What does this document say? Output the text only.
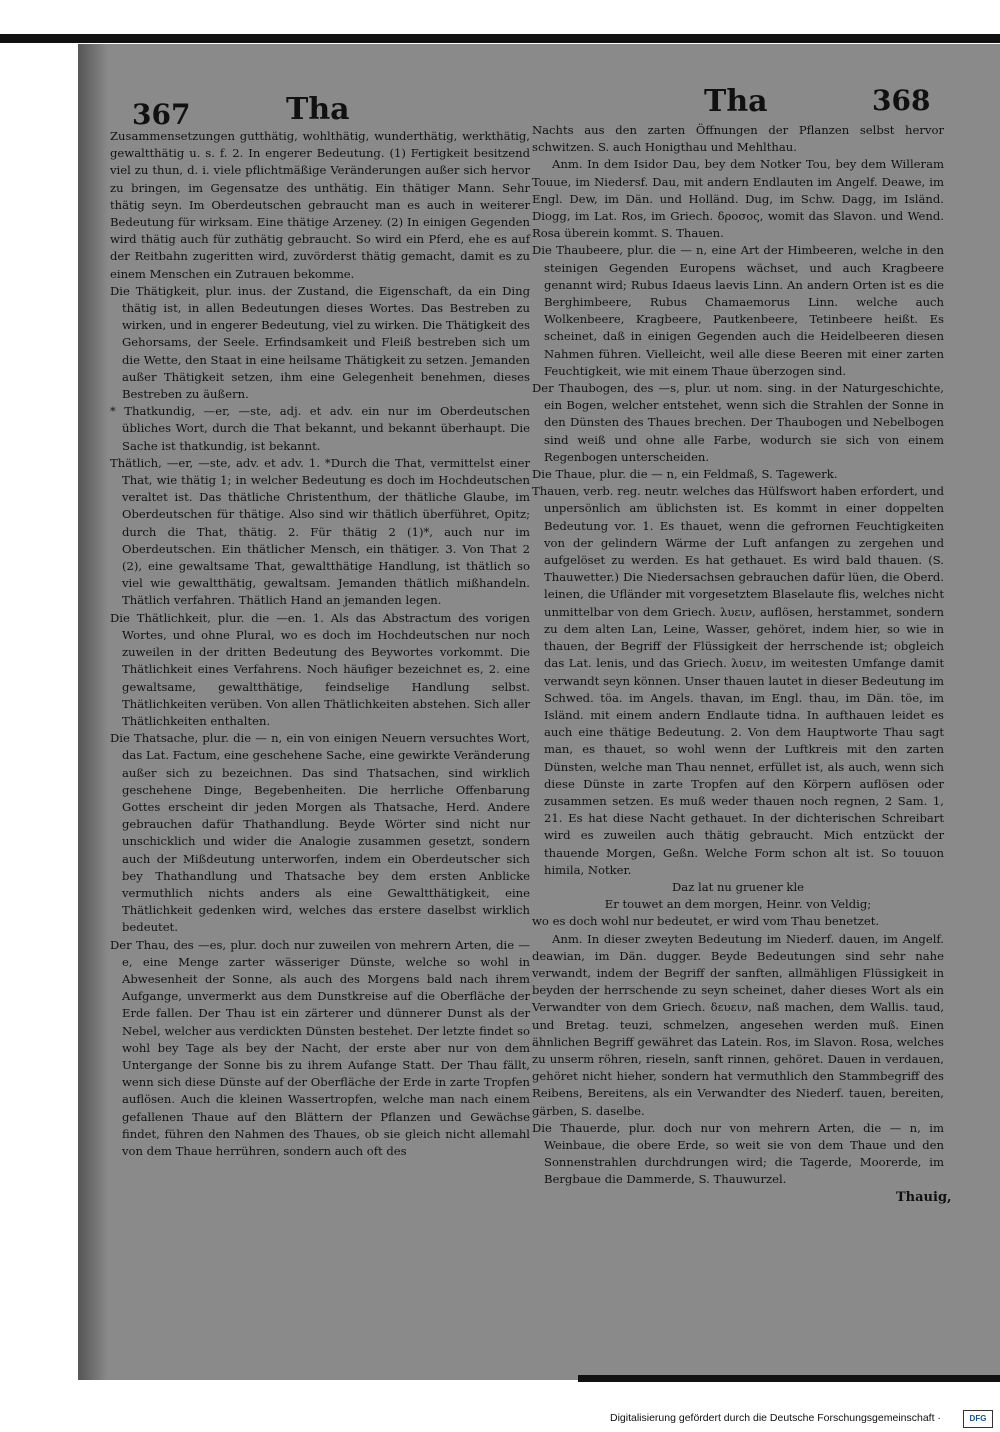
367	Tha	Tha	368

Zusammensetzungen gutthätig, wohlthätig, wunderthätig, werkthätig, gewaltthätig u. s. f. 2. In engerer Bedeutung. (1) Fertigkeit besitzend viel zu thun, d. i. viele pflichtmäßige Veränderungen außer sich hervor zu bringen, im Gegensatze des unthätig. Ein thätiger Mann. Sehr thätig seyn. Im Oberdeutschen gebraucht man es auch in weiterer Bedeutung für wirksam. Eine thätige Arzeney. (2) In einigen Gegenden wird thätig auch für zuthätig gebraucht. So wird ein Pferd, ehe es auf der Reitbahn zugeritten wird, zuvörderst thätig gemacht, damit es zu einem Menschen ein Zutrauen bekomme.

Die Thätigkeit, plur. inus. der Zustand, die Eigenschaft, da ein Ding thätig ist, in allen Bedeutungen dieses Wortes. Das Bestreben zu wirken, und in engerer Bedeutung, viel zu wirken. Die Thätigkeit des Gehorsams, der Seele. Erfindsamkeit und Fleiß bestreben sich um die Wette, den Staat in eine heilsame Thätigkeit zu setzen. Jemanden außer Thätigkeit setzen, ihm eine Gelegenheit benehmen, dieses Bestreben zu äußern.

* Thatkundig, —er, —ste, adj. et adv. ein nur im Oberdeutschen übliches Wort, durch die That bekannt, und bekannt überhaupt. Die Sache ist thatkundig, ist bekannt.

Thätlich, —er, —ste, adv. et adv. 1. *Durch die That, vermittelst einer That, wie thätig 1; in welcher Bedeutung es doch im Hochdeutschen veraltet ist. Das thätliche Christenthum, der thätliche Glaube, im Oberdeutschen für thätige. Also sind wir thätlich überführet, Opitz; durch die That, thätig. 2. Für thätig 2 (1)*, auch nur im Oberdeutschen. Ein thätlicher Mensch, ein thätiger. 3. Von That 2 (2), eine gewaltsame That, gewaltthätige Handlung, ist thätlich so viel wie gewaltthätig, gewaltsam. Jemanden thätlich mißhandeln. Thätlich verfahren. Thätlich Hand an jemanden legen.

Die Thätlichkeit, plur. die —en. 1. Als das Abstractum des vorigen Wortes, und ohne Plural, wo es doch im Hochdeutschen nur noch zuweilen in der dritten Bedeutung des Beywortes vorkommt. Die Thätlichkeit eines Verfahrens. Noch häufiger bezeichnet es, 2. eine gewaltsame, gewaltthätige, feindselige Handlung selbst. Thätlichkeiten verüben. Von allen Thätlichkeiten abstehen. Sich aller Thätlichkeiten enthalten.

Die Thatsache, plur. die — n, ein von einigen Neuern versuchtes Wort, das Lat. Factum, eine geschehene Sache, eine gewirkte Veränderung außer sich zu bezeichnen. Das sind Thatsachen, sind wirklich geschehene Dinge, Begebenheiten. Die herrliche Offenbarung Gottes erscheint dir jeden Morgen als Thatsache, Herd. Andere gebrauchen dafür Thathandlung. Beyde Wörter sind nicht nur unschicklich und wider die Analogie zusammen gesetzt, sondern auch der Mißdeutung unterworfen, indem ein Oberdeutscher sich bey Thathandlung und Thatsache bey dem ersten Anblicke vermuthlich nichts anders als eine Gewaltthätigkeit, eine Thätlichkeit gedenken wird, welches das erstere daselbst wirklich bedeutet.

Der Thau, des —es, plur. doch nur zuweilen von mehrern Arten, die —e, eine Menge zarter wässeriger Dünste, welche so wohl in Abwesenheit der Sonne, als auch des Morgens bald nach ihrem Aufgange, unvermerkt aus dem Dunstkreise auf die Oberfläche der Erde fallen. Der Thau ist ein zärterer und dünnerer Dunst als der Nebel, welcher aus verdickten Dünsten bestehet. Der letzte findet so wohl bey Tage als bey der Nacht, der erste aber nur von dem Untergange der Sonne bis zu ihrem Aufange Statt. Der Thau fällt, wenn sich diese Dünste auf der Oberfläche der Erde in zarte Tropfen auflösen. Auch die kleinen Wassertropfen, welche man nach einem gefallenen Thaue auf den Blättern der Pflanzen und Gewächse findet, führen den Nahmen des Thaues, ob sie gleich nicht allemahl von dem Thaue herrühren, sondern auch oft des

Nachts aus den zarten Öffnungen der Pflanzen selbst hervor schwitzen. S. auch Honigthau und Mehlthau.

Anm. In dem Isidor Dau, bey dem Notker Tou, bey dem Willeram Touue, im Niedersf. Dau, mit andern Endlauten im Angelf. Deawe, im Engl. Dew, im Dän. und Holländ. Dug, im Schw. Dagg, im Isländ. Diogg, im Lat. Ros, im Griech. δροσος, womit das Slavon. und Wend. Rosa überein kommt. S. Thauen.

Die Thaubeere, plur. die — n, eine Art der Himbeeren, welche in den steinigen Gegenden Europens wächset, und auch Kragbeere genannt wird; Rubus Idaeus laevis Linn. An andern Orten ist es die Berghimbeere, Rubus Chamaemorus Linn. welche auch Wolkenbeere, Kragbeere, Pautkenbeere, Tetinbeere heißt. Es scheinet, daß in einigen Gegenden auch die Heidelbeeren diesen Nahmen führen. Vielleicht, weil alle diese Beeren mit einer zarten Feuchtigkeit, wie mit einem Thaue überzogen sind.

Der Thaubogen, des —s, plur. ut nom. sing. in der Naturgeschichte, ein Bogen, welcher entstehet, wenn sich die Strahlen der Sonne in den Dünsten des Thaues brechen. Der Thaubogen und Nebelbogen sind weiß und ohne alle Farbe, wodurch sie sich von einem Regenbogen unterscheiden.

Die Thaue, plur. die — n, ein Feldmaß, S. Tagewerk.

Thauen, verb. reg. neutr. welches das Hülfswort haben erfordert, und unpersönlich am üblichsten ist. Es kommt in einer doppelten Bedeutung vor. 1. Es thauet, wenn die gefrornen Feuchtigkeiten von der gelindern Wärme der Luft anfangen zu zergehen und aufgelöset zu werden. Es hat gethauet. Es wird bald thauen. (S. Thauwetter.) Die Niedersachsen gebrauchen dafür lüen, die Oberd. leinen, die Ufländer mit vorgesetztem Blaselaute flis, welches nicht unmittelbar von dem Griech. λυειν, auflösen, herstammet, sondern zu dem alten Lan, Leine, Wasser, gehöret, indem hier, so wie in thauen, der Begriff der Flüssigkeit der herrschende ist; obgleich das Lat. lenis, und das Griech. λυειν, im weitesten Umfange damit verwandt seyn können. Unser thauen lautet in dieser Bedeutung im Schwed. töa. im Angels. thavan, im Engl. thau, im Dän. töe, im Isländ. mit einem andern Endlaute tidna. In aufthauen leidet es auch eine thätige Bedeutung. 2. Von dem Hauptworte Thau sagt man, es thauet, so wohl wenn der Luftkreis mit den zarten Dünsten, welche man Thau nennet, erfüllet ist, als auch, wenn sich diese Dünste in zarte Tropfen auf den Körpern auflösen oder zusammen setzen. Es muß weder thauen noch regnen, 2 Sam. 1, 21. Es hat diese Nacht gethauet. In der dichterischen Schreibart wird es zuweilen auch thätig gebraucht. Mich entzückt der thauende Morgen, Geßn. Welche Form schon alt ist. So touuon himila, Notker.

Daz lat nu gruener kle

Er touwet an dem morgen, Heinr. von Veldig;

wo es doch wohl nur bedeutet, er wird vom Thau benetzet.

Anm. In dieser zweyten Bedeutung im Niederf. dauen, im Angelf. deawian, im Dän. dugger. Beyde Bedeutungen sind sehr nahe verwandt, indem der Begriff der sanften, allmähligen Flüssigkeit in beyden der herrschende zu seyn scheinet, daher dieses Wort als ein Verwandter von dem Griech. δευειν, naß machen, dem Wallis. taud, und Bretag. teuzi, schmelzen, angesehen werden muß. Einen ähnlichen Begriff gewähret das Latein. Ros, im Slavon. Rosa, welches zu unserm röhren, rieseln, sanft rinnen, gehöret. Dauen in verdauen, gehöret nicht hieher, sondern hat vermuthlich den Stammbegriff des Reibens, Bereitens, als ein Verwandter des Niederf. tauen, bereiten, gärben, S. daselbe.

Die Thauerde, plur. doch nur von mehrern Arten, die — n, im Weinbaue, die obere Erde, so weit sie von dem Thaue und den Sonnenstrahlen durchdrungen wird; die Tagerde, Moorerde, im Bergbaue die Dammerde, S. Thauwurzel.

Thauig,
Digitalisierung gefördert durch die Deutsche Forschungsgemeinschaft ·	DFG
